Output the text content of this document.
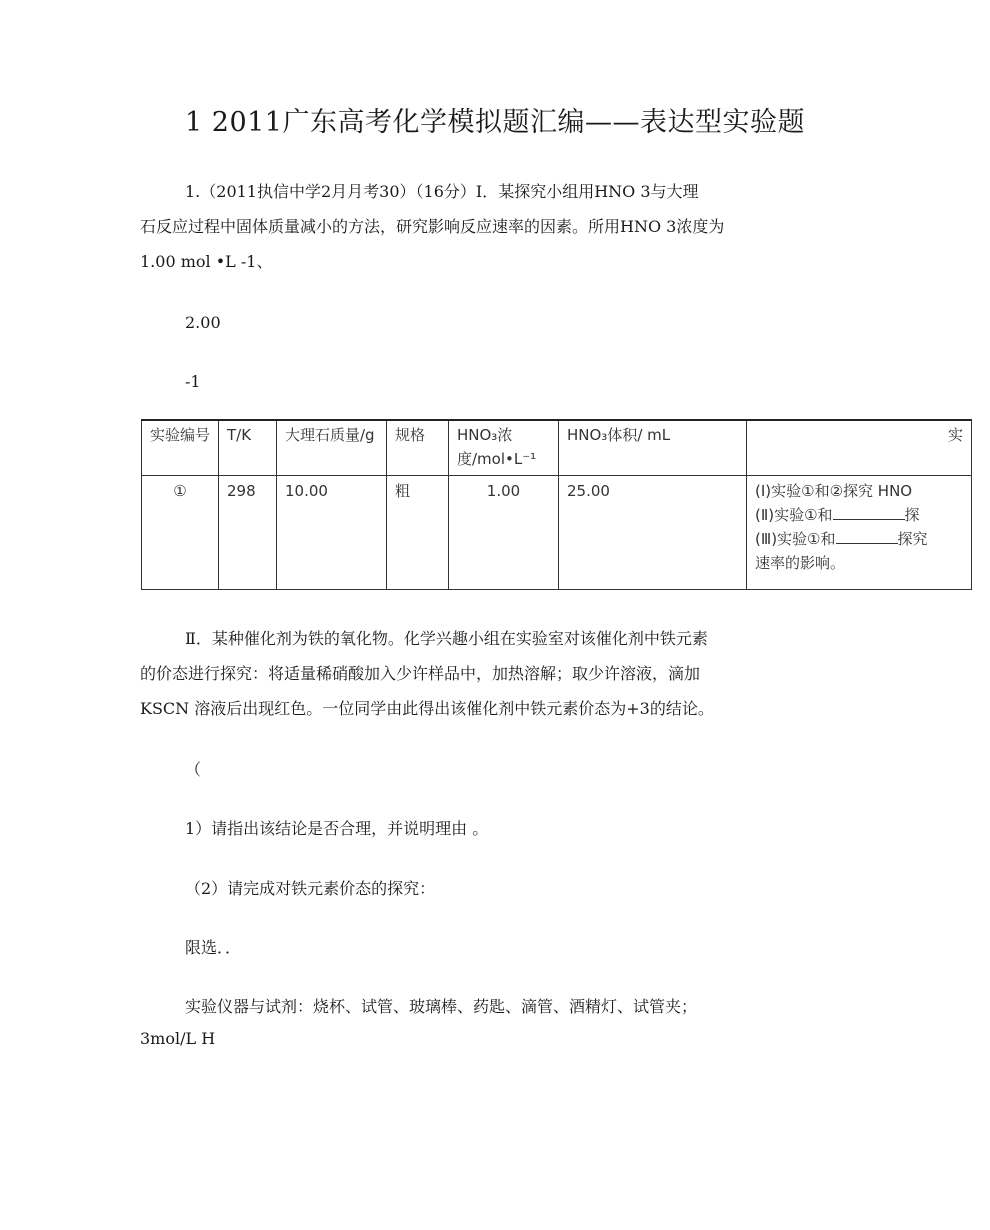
1 2011广东高考化学模拟题汇编——表达型实验题
1.（2011执信中学2月月考30）（16分）Ⅰ．某探究小组用HNO 3与大理
石反应过程中固体质量减小的方法，研究影响反应速率的因素。所用HNO 3浓度为
1.00 mol •L -1、
2.00
-1
实验编号	T/K	大理石质量/g	规格	HNO₃浓度/mol•L⁻¹	HNO₃体积/ mL	实
①	298	10.00	粗	1.00	25.00	(Ⅰ)实验①和②探究 HNO
(Ⅱ)实验①和 探
(Ⅲ)实验①和 探究
速率的影响。
Ⅱ．某种催化剂为铁的氧化物。化学兴趣小组在实验室对该催化剂中铁元素
的价态进行探究：将适量稀硝酸加入少许样品中，加热溶解；取少许溶液，滴加
KSCN 溶液后出现红色。一位同学由此得出该催化剂中铁元素价态为+3的结论。
（
1）请指出该结论是否合理，并说明理由 。
（2）请完成对铁元素价态的探究：
限选．．
实验仪器与试剂：烧杯、试管、玻璃棒、药匙、滴管、酒精灯、试管夹；
3mol/L H
